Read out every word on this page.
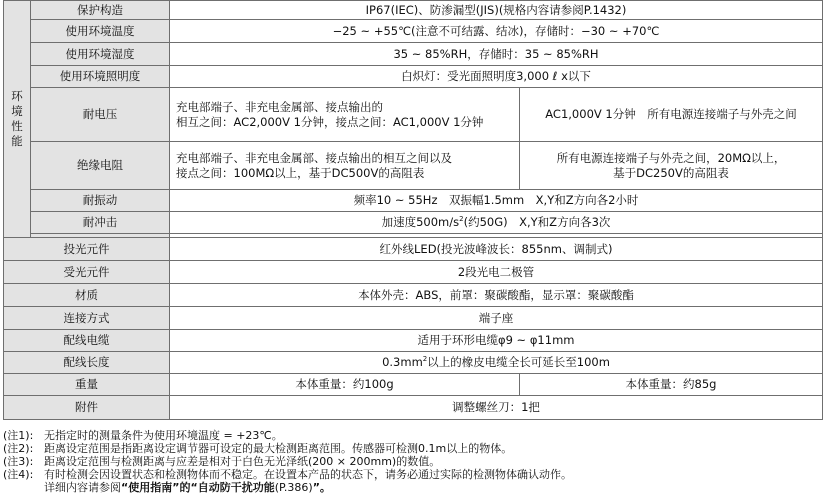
环境性能	保护构造	IP67(IEC)、防渗漏型(JIS)(规格内容请参阅P.1432)	
	使用环境温度	−25 ~ +55℃(注意不可结露、结冰)，存储时：−30 ~ +70℃	
	使用环境湿度	35 ~ 85%RH，存储时：35 ~ 85%RH	
	使用环境照明度	白炽灯：受光面照明度3,000 ℓ x以下	
	耐电压	充电部端子、非充电金属部、接点输出的
相互之间：AC2,000V 1分钟，接点之间：AC1,000V 1分钟	AC1,000V 1分钟　所有电源连接端子与外壳之间
	绝缘电阻	充电部端子、非充电金属部、接点输出的相互之间以及
接点之间：100MΩ以上，基于DC500V的高阻表	所有电源连接端子与外壳之间，20MΩ以上，
基于DC250V的高阻表
	耐振动	频率10 ~ 55Hz　双振幅1.5mm　X,Y和Z方向各2小时	
	耐冲击	加速度$500m/s^2$(约50G)　X,Y和Z方向各3次	

投光元件		红外线LED(投光波峰波长：855nm、调制式)	
受光元件		2段光电二极管	
材质		本体外壳：ABS，前罩：聚碳酸酯，显示罩：聚碳酸酯	
连接方式		端子座	
配线电缆		适用于环形电缆φ9 ~ φ11mm	
配线长度		$0.3mm^2$以上的橡皮电缆全长可延长至100m	
重量		本体重量：约100g	本体重量：约85g
附件		调整螺丝刀：1把	
(注1): 无指定时的测量条件为使用环境温度 = +23℃。
(注2): 距离设定范围是指距离设定调节器可设定的最大检测距离范围。传感器可检测0.1m以上的物体。
(注3): 距离设定范围与检测距离与应差是相对于白色无光泽纸(200 × 200mm)的数值。
(注4): 有时检测会因设置状态和检测物体而不稳定。在设置本产品的状态下，请务必通过实际的检测物体确认动作。
详细内容请参阅“使用指南”的“自动防干扰功能(P.386)”。
